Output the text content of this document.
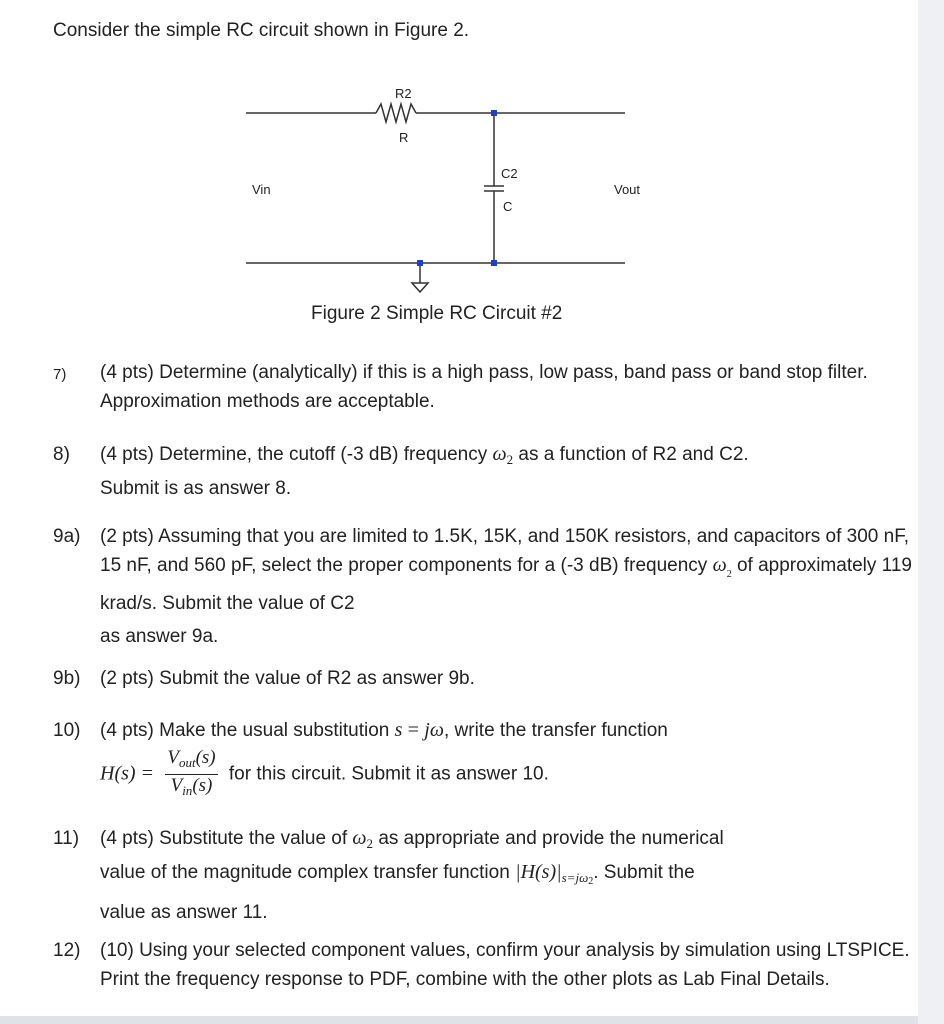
Consider the simple RC circuit shown in Figure 2.
R2
R
C2
C
Vin	Vout
Figure 2 Simple RC Circuit #2
7) (4 pts) Determine (analytically) if this is a high pass, low pass, band pass or band stop filter. Approximation methods are acceptable.
8) (4 pts) Determine, the cutoff (-3 dB) frequency $\omega_2$ as a function of R2 and C2.
Submit is as answer 8.
9a) (2 pts) Assuming that you are limited to 1.5K, 15K, and 150K resistors, and capacitors of 300 nF, 15 nF, and 560 pF, select the proper components for a (-3 dB) frequency $\omega_2$ of approximately 119 krad/s. Submit the value of C2
as answer 9a.
9b) (2 pts) Submit the value of R2 as answer 9b.
10) (4 pts) Make the usual substitution s = jω, write the transfer function
$H(s) = \frac{V_{out}(s)}{V_{in}(s)}$ for this circuit. Submit it as answer 10.
11) (4 pts) Substitute the value of $\omega_2$ as appropriate and provide the numerical
value of the magnitude complex transfer function $|H(s)|_{s=j\omega 2}$. Submit the
value as answer 11.
12) (10) Using your selected component values, confirm your analysis by simulation using LTSPICE. Print the frequency response to PDF, combine with the other plots as Lab Final Details.
